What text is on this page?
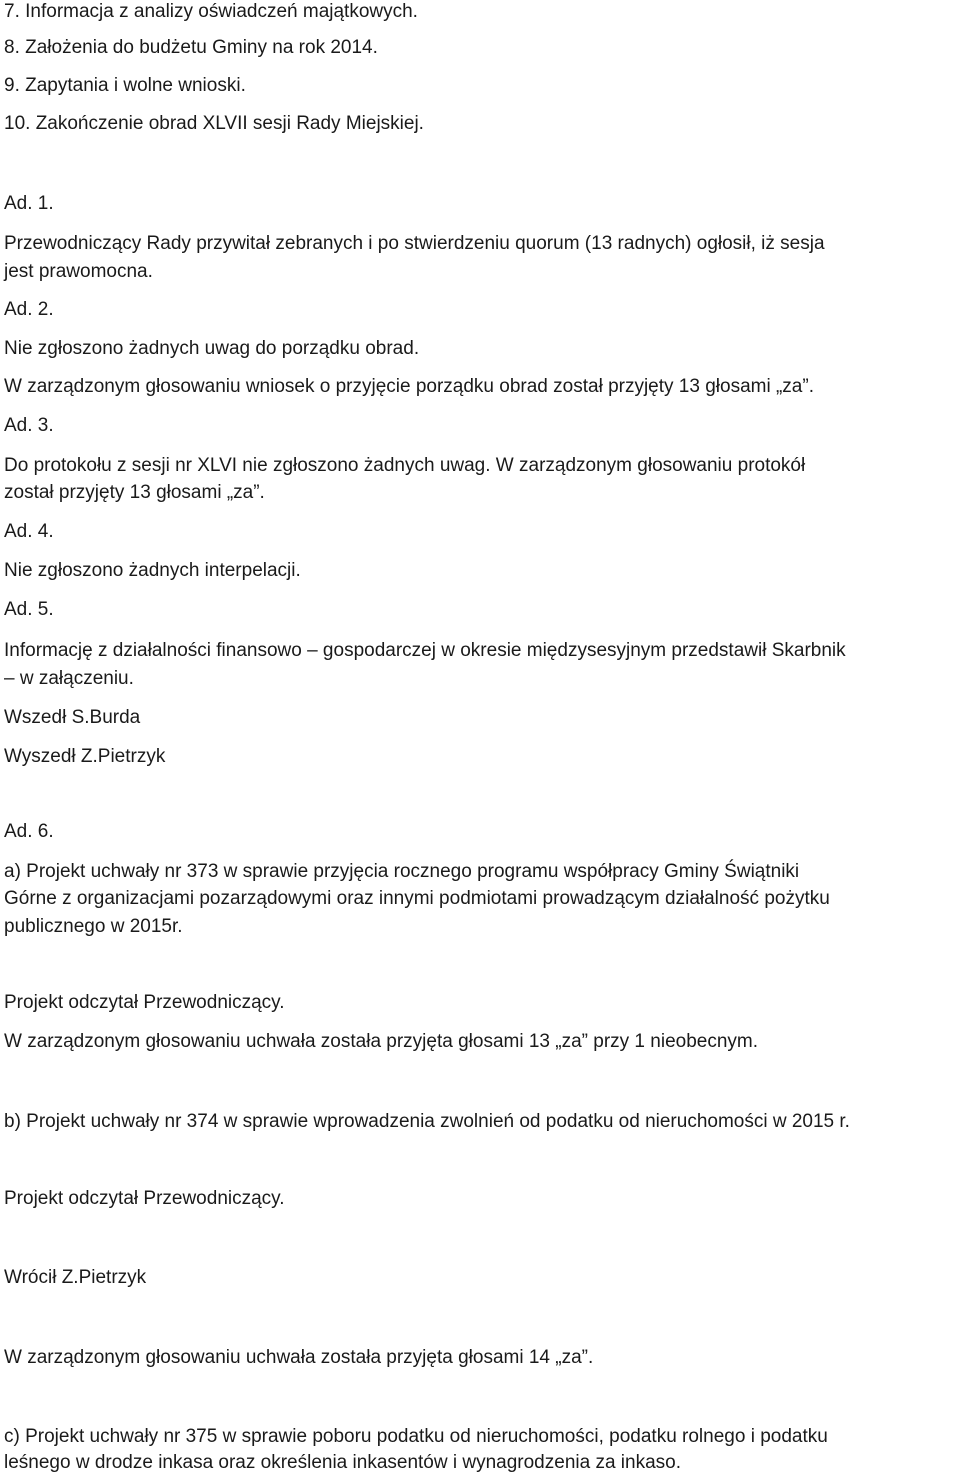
7. Informacja z analizy oświadczeń majątkowych.
8. Założenia do budżetu Gminy na rok 2014.
9. Zapytania i wolne wnioski.
10. Zakończenie obrad XLVII sesji Rady Miejskiej.
Ad. 1.
Przewodniczący Rady przywitał zebranych i po stwierdzeniu quorum (13 radnych) ogłosił, iż sesja
jest prawomocna.
Ad. 2.
Nie zgłoszono żadnych uwag do porządku obrad.
W zarządzonym głosowaniu wniosek o przyjęcie porządku obrad został przyjęty 13 głosami „za”.
Ad. 3.
Do protokołu z sesji nr XLVI nie zgłoszono żadnych uwag. W zarządzonym głosowaniu protokół
został przyjęty 13 głosami „za”.
Ad. 4.
Nie zgłoszono żadnych interpelacji.
Ad. 5.
Informację z działalności finansowo – gospodarczej w okresie międzysesyjnym przedstawił Skarbnik
– w załączeniu.
Wszedł S.Burda
Wyszedł Z.Pietrzyk
Ad. 6.
a) Projekt uchwały nr 373 w sprawie przyjęcia rocznego programu współpracy Gminy Świątniki
Górne z organizacjami pozarządowymi oraz innymi podmiotami prowadzącym działalność pożytku
publicznego w 2015r.
Projekt odczytał Przewodniczący.
W zarządzonym głosowaniu uchwała została przyjęta głosami 13 „za” przy 1 nieobecnym.
b) Projekt uchwały nr 374 w sprawie wprowadzenia zwolnień od podatku od nieruchomości w 2015 r.
Projekt odczytał Przewodniczący.
Wrócił Z.Pietrzyk
W zarządzonym głosowaniu uchwała została przyjęta głosami 14 „za”.
c) Projekt uchwały nr 375 w sprawie poboru podatku od nieruchomości, podatku rolnego i podatku
leśnego w drodze inkasa oraz określenia inkasentów i wynagrodzenia za inkaso.
